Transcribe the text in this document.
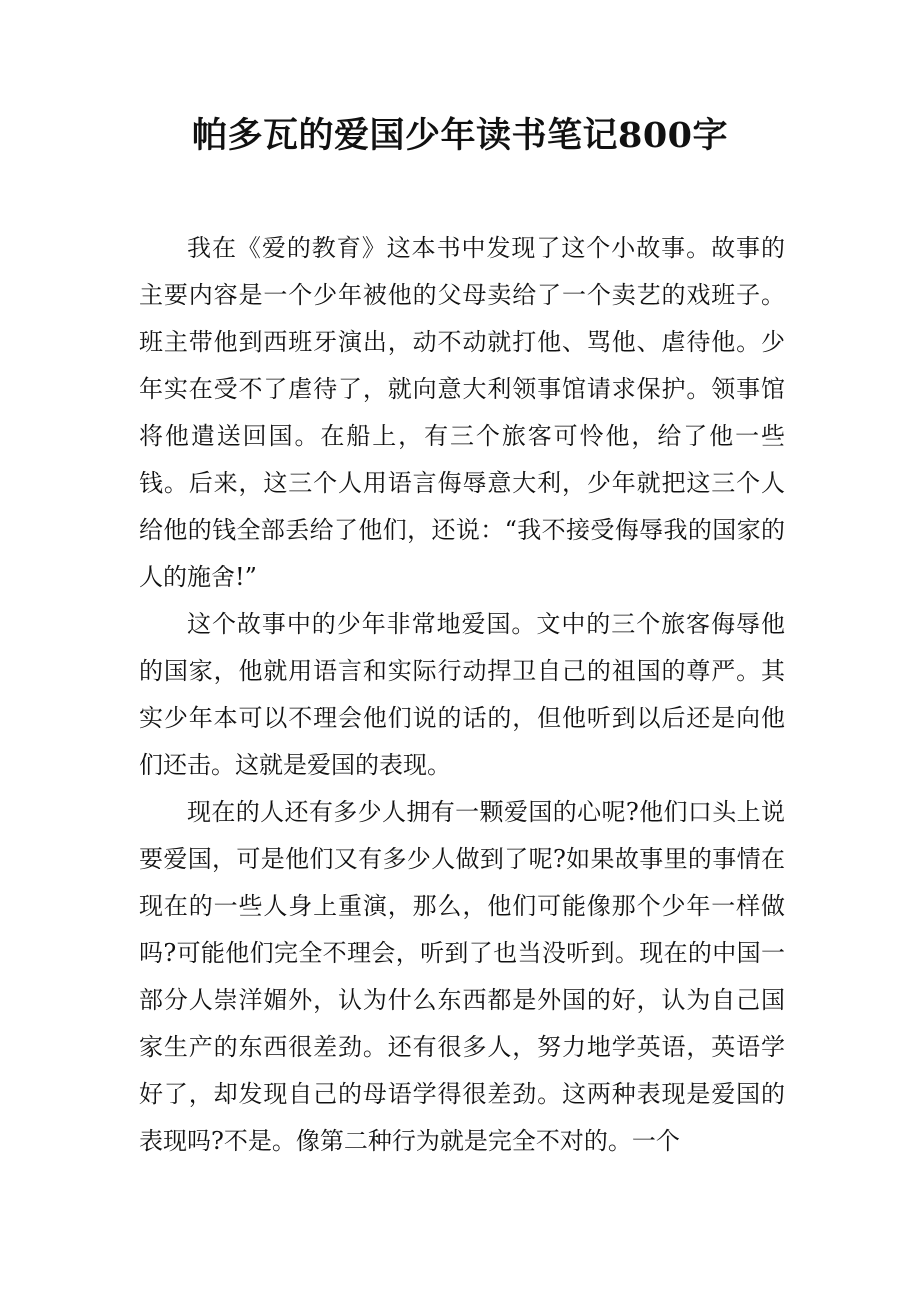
帕多瓦的爱国少年读书笔记800字

我在《爱的教育》这本书中发现了这个小故事。故事的主要内容是一个少年被他的父母卖给了一个卖艺的戏班子。班主带他到西班牙演出，动不动就打他、骂他、虐待他。少年实在受不了虐待了，就向意大利领事馆请求保护。领事馆将他遣送回国。在船上，有三个旅客可怜他，给了他一些钱。后来，这三个人用语言侮辱意大利，少年就把这三个人给他的钱全部丢给了他们，还说：“我不接受侮辱我的国家的人的施舍!”

这个故事中的少年非常地爱国。文中的三个旅客侮辱他的国家，他就用语言和实际行动捍卫自己的祖国的尊严。其实少年本可以不理会他们说的话的，但他听到以后还是向他们还击。这就是爱国的表现。

现在的人还有多少人拥有一颗爱国的心呢?他们口头上说要爱国，可是他们又有多少人做到了呢?如果故事里的事情在现在的一些人身上重演，那么，他们可能像那个少年一样做吗?可能他们完全不理会，听到了也当没听到。现在的中国一部分人崇洋媚外，认为什么东西都是外国的好，认为自己国家生产的东西很差劲。还有很多人，努力地学英语，英语学好了，却发现自己的母语学得很差劲。这两种表现是爱国的表现吗?不是。像第二种行为就是完全不对的。一个
